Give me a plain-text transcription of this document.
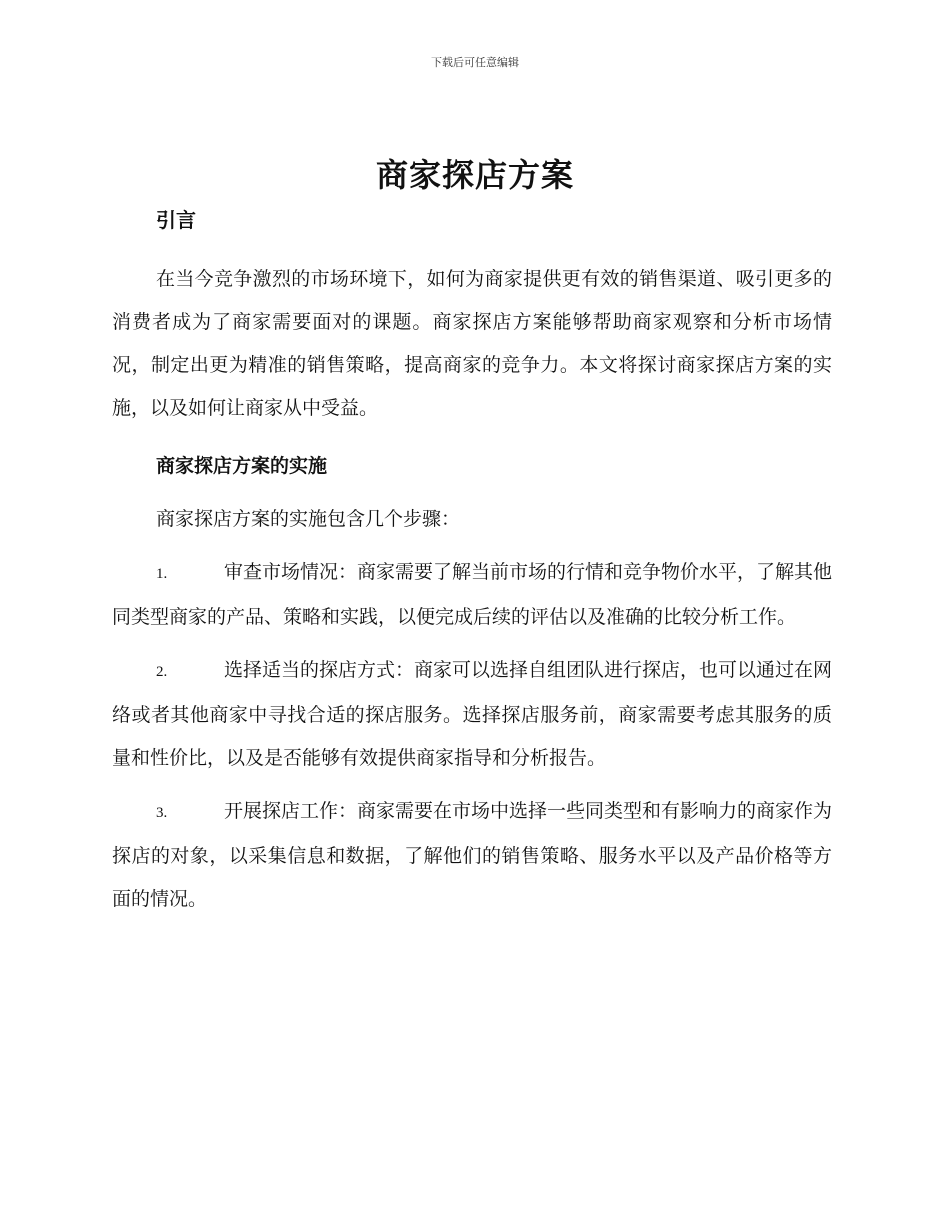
下载后可任意编辑
商家探店方案

引言

在当今竞争激烈的市场环境下，如何为商家提供更有效的销售渠道、吸引更多的消费者成为了商家需要面对的课题。商家探店方案能够帮助商家观察和分析市场情况，制定出更为精准的销售策略，提高商家的竞争力。本文将探讨商家探店方案的实施，以及如何让商家从中受益。

商家探店方案的实施

商家探店方案的实施包含几个步骤：

1.	审查市场情况：商家需要了解当前市场的行情和竞争物价水平，了解其他同类型商家的产品、策略和实践，以便完成后续的评估以及准确的比较分析工作。

2.	选择适当的探店方式：商家可以选择自组团队进行探店，也可以通过在网络或者其他商家中寻找合适的探店服务。选择探店服务前，商家需要考虑其服务的质量和性价比，以及是否能够有效提供商家指导和分析报告。

3.	开展探店工作：商家需要在市场中选择一些同类型和有影响力的商家作为探店的对象，以采集信息和数据，了解他们的销售策略、服务水平以及产品价格等方面的情况。
